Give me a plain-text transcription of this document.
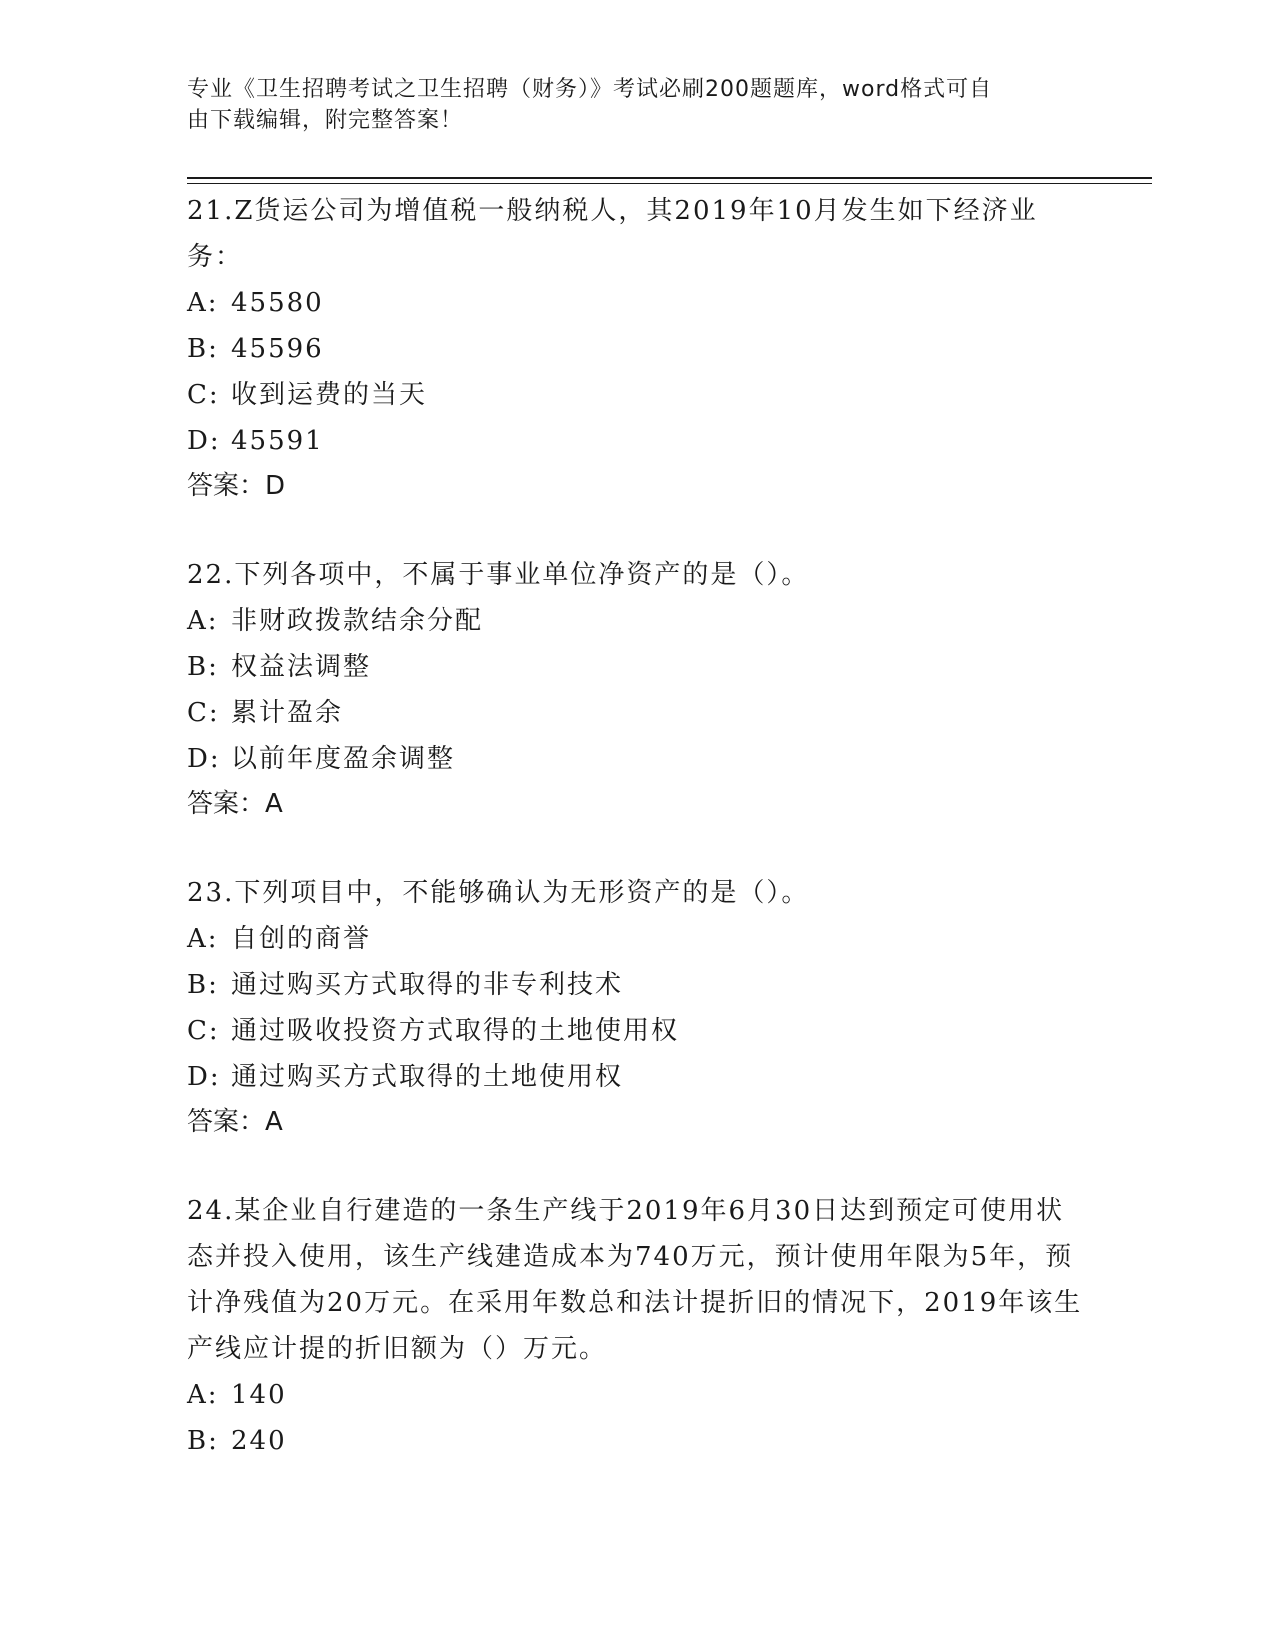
专业《卫生招聘考试之卫生招聘（财务）》考试必刷200题题库，word格式可自
由下载编辑，附完整答案！

21.Z货运公司为增值税一般纳税人，其2019年10月发生如下经济业务：

A: 45580
B: 45596
C: 收到运费的当天
D: 45591

答案：D

22.下列各项中，不属于事业单位净资产的是（）。

A: 非财政拨款结余分配
B: 权益法调整
C: 累计盈余
D: 以前年度盈余调整

答案：A

23.下列项目中，不能够确认为无形资产的是（）。

A: 自创的商誉
B: 通过购买方式取得的非专利技术
C: 通过吸收投资方式取得的土地使用权
D: 通过购买方式取得的土地使用权

答案：A

24.某企业自行建造的一条生产线于2019年6月30日达到预定可使用状态并投入使用，该生产线建造成本为740万元，预计使用年限为5年，预计净残值为20万元。在采用年数总和法计提折旧的情况下，2019年该生产线应计提的折旧额为（）万元。

A: 140
B: 240
